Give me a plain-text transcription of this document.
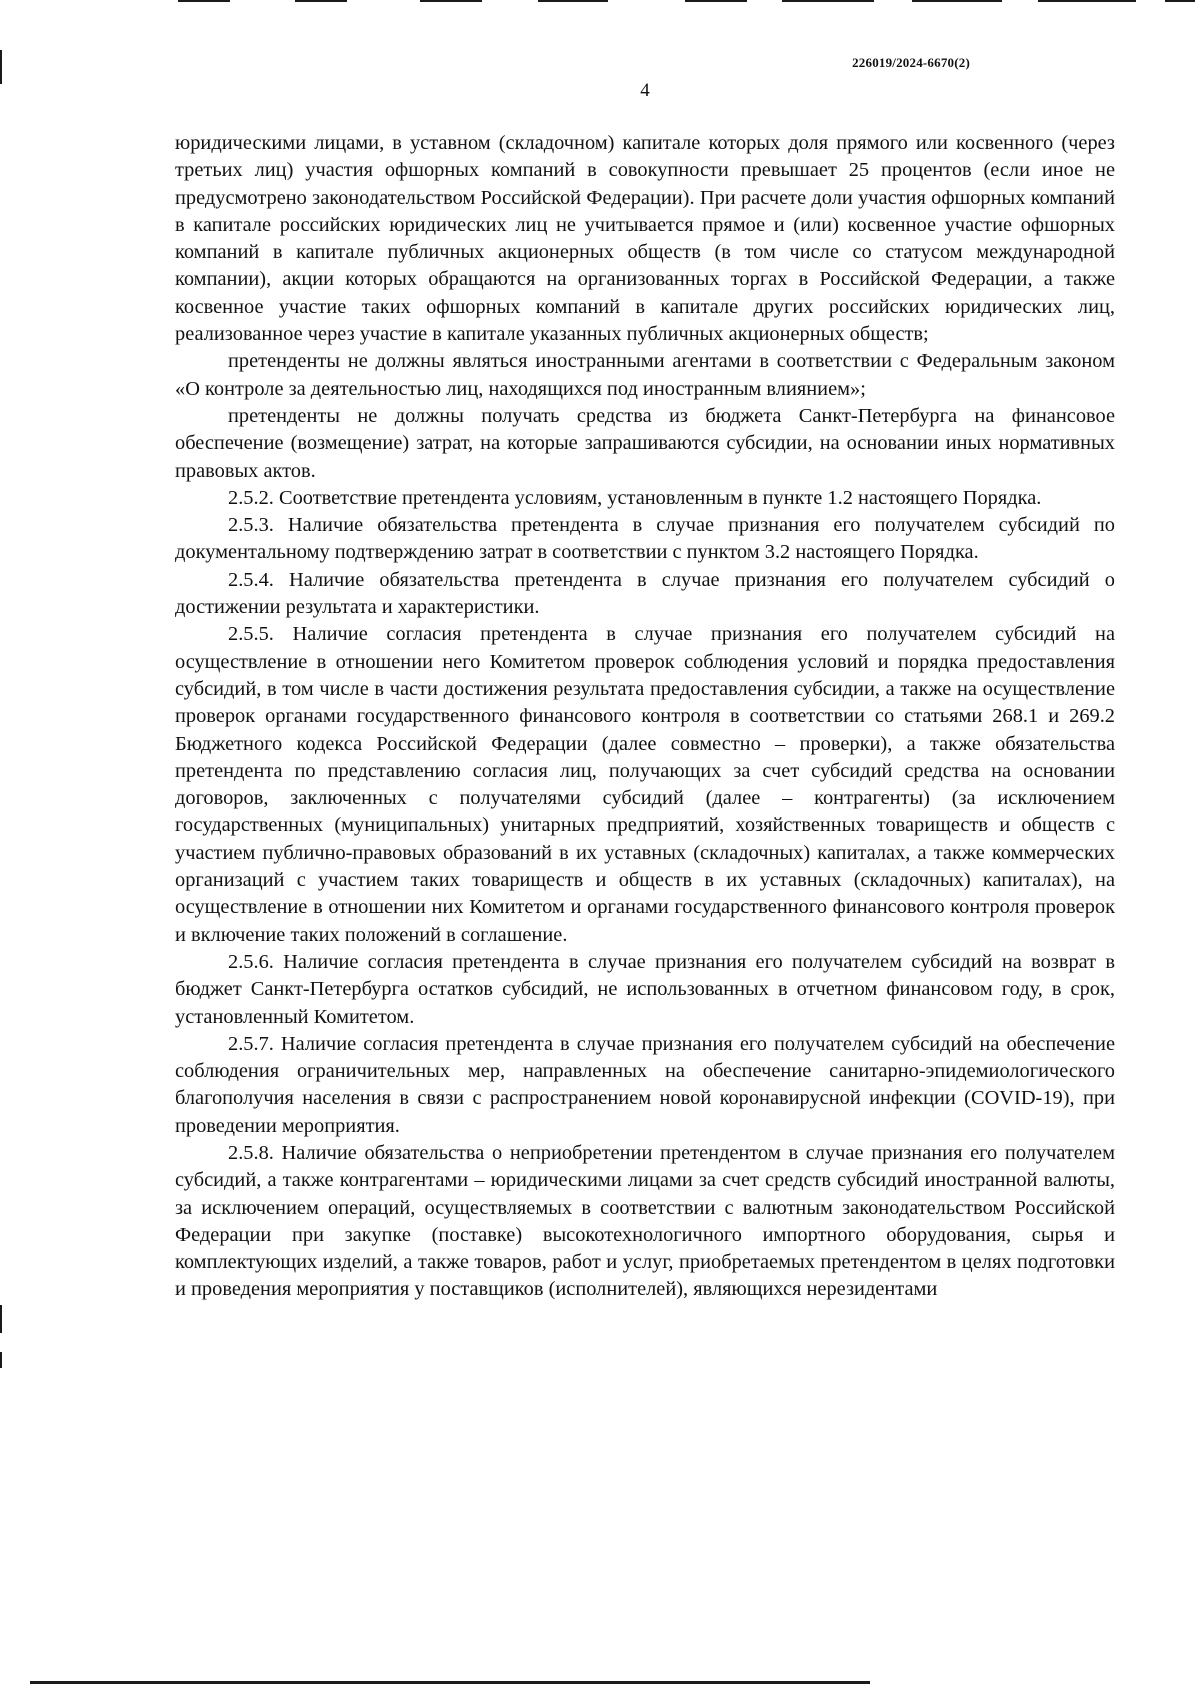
226019/2024-6670(2)
4

юридическими лицами, в уставном (складочном) капитале которых доля прямого или косвенного (через третьих лиц) участия офшорных компаний в совокупности превышает 25 процентов (если иное не предусмотрено законодательством Российской Федерации). При расчете доли участия офшорных компаний в капитале российских юридических лиц не учитывается прямое и (или) косвенное участие офшорных компаний в капитале публичных акционерных обществ (в том числе со статусом международной компании), акции которых обращаются на организованных торгах в Российской Федерации, а также косвенное участие таких офшорных компаний в капитале других российских юридических лиц, реализованное через участие в капитале указанных публичных акционерных обществ;

претенденты не должны являться иностранными агентами в соответствии с Федеральным законом «О контроле за деятельностью лиц, находящихся под иностранным влиянием»;

претенденты не должны получать средства из бюджета Санкт-Петербурга на финансовое обеспечение (возмещение) затрат, на которые запрашиваются субсидии, на основании иных нормативных правовых актов.

2.5.2. Соответствие претендента условиям, установленным в пункте 1.2 настоящего Порядка.

2.5.3. Наличие обязательства претендента в случае признания его получателем субсидий по документальному подтверждению затрат в соответствии с пунктом 3.2 настоящего Порядка.

2.5.4. Наличие обязательства претендента в случае признания его получателем субсидий о достижении результата и характеристики.

2.5.5. Наличие согласия претендента в случае признания его получателем субсидий на осуществление в отношении него Комитетом проверок соблюдения условий и порядка предоставления субсидий, в том числе в части достижения результата предоставления субсидии, а также на осуществление проверок органами государственного финансового контроля в соответствии со статьями 268.1 и 269.2 Бюджетного кодекса Российской Федерации (далее совместно – проверки), а также обязательства претендента по представлению согласия лиц, получающих за счет субсидий средства на основании договоров, заключенных с получателями субсидий (далее – контрагенты) (за исключением государственных (муниципальных) унитарных предприятий, хозяйственных товариществ и обществ с участием публично-правовых образований в их уставных (складочных) капиталах, а также коммерческих организаций с участием таких товариществ и обществ в их уставных (складочных) капиталах), на осуществление в отношении них Комитетом и органами государственного финансового контроля проверок и включение таких положений в соглашение.

2.5.6. Наличие согласия претендента в случае признания его получателем субсидий на возврат в бюджет Санкт-Петербурга остатков субсидий, не использованных в отчетном финансовом году, в срок, установленный Комитетом.

2.5.7. Наличие согласия претендента в случае признания его получателем субсидий на обеспечение соблюдения ограничительных мер, направленных на обеспечение санитарно-эпидемиологического благополучия населения в связи с распространением новой коронавирусной инфекции (COVID-19), при проведении мероприятия.

2.5.8. Наличие обязательства о неприобретении претендентом в случае признания его получателем субсидий, а также контрагентами – юридическими лицами за счет средств субсидий иностранной валюты, за исключением операций, осуществляемых в соответствии с валютным законодательством Российской Федерации при закупке (поставке) высокотехнологичного импортного оборудования, сырья и комплектующих изделий, а также товаров, работ и услуг, приобретаемых претендентом в целях подготовки и проведения мероприятия у поставщиков (исполнителей), являющихся нерезидентами
